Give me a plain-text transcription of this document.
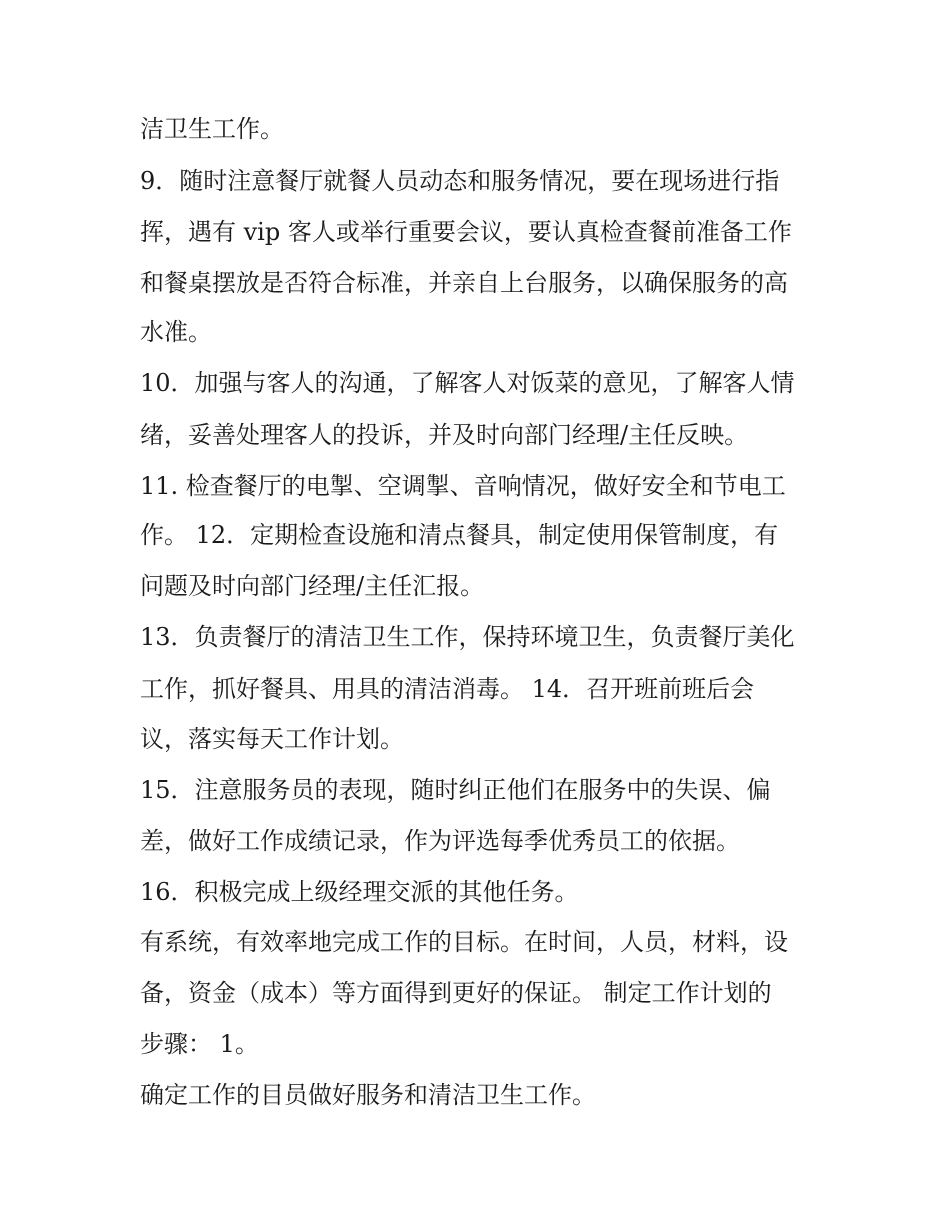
洁卫生工作。
9．随时注意餐厅就餐人员动态和服务情况，要在现场进行指
挥，遇有 vip 客人或举行重要会议，要认真检查餐前准备工作
和餐桌摆放是否符合标准，并亲自上台服务，以确保服务的高
水准。
10．加强与客人的沟通，了解客人对饭菜的意见，了解客人情
绪，妥善处理客人的投诉，并及时向部门经理/主任反映。
11. 检查餐厅的电掣、空调掣、音响情况，做好安全和节电工
作。 12．定期检查设施和清点餐具，制定使用保管制度，有
问题及时向部门经理/主任汇报。
13．负责餐厅的清洁卫生工作，保持环境卫生，负责餐厅美化
工作，抓好餐具、用具的清洁消毒。 14．召开班前班后会
议，落实每天工作计划。
15．注意服务员的表现，随时纠正他们在服务中的失误、偏
差，做好工作成绩记录，作为评选每季优秀员工的依据。
16．积极完成上级经理交派的其他任务。
有系统，有效率地完成工作的目标。在时间，人员，材料，设
备，资金（成本）等方面得到更好的保证。 制定工作计划的
步骤： 1。
确定工作的目员做好服务和清洁卫生工作。
